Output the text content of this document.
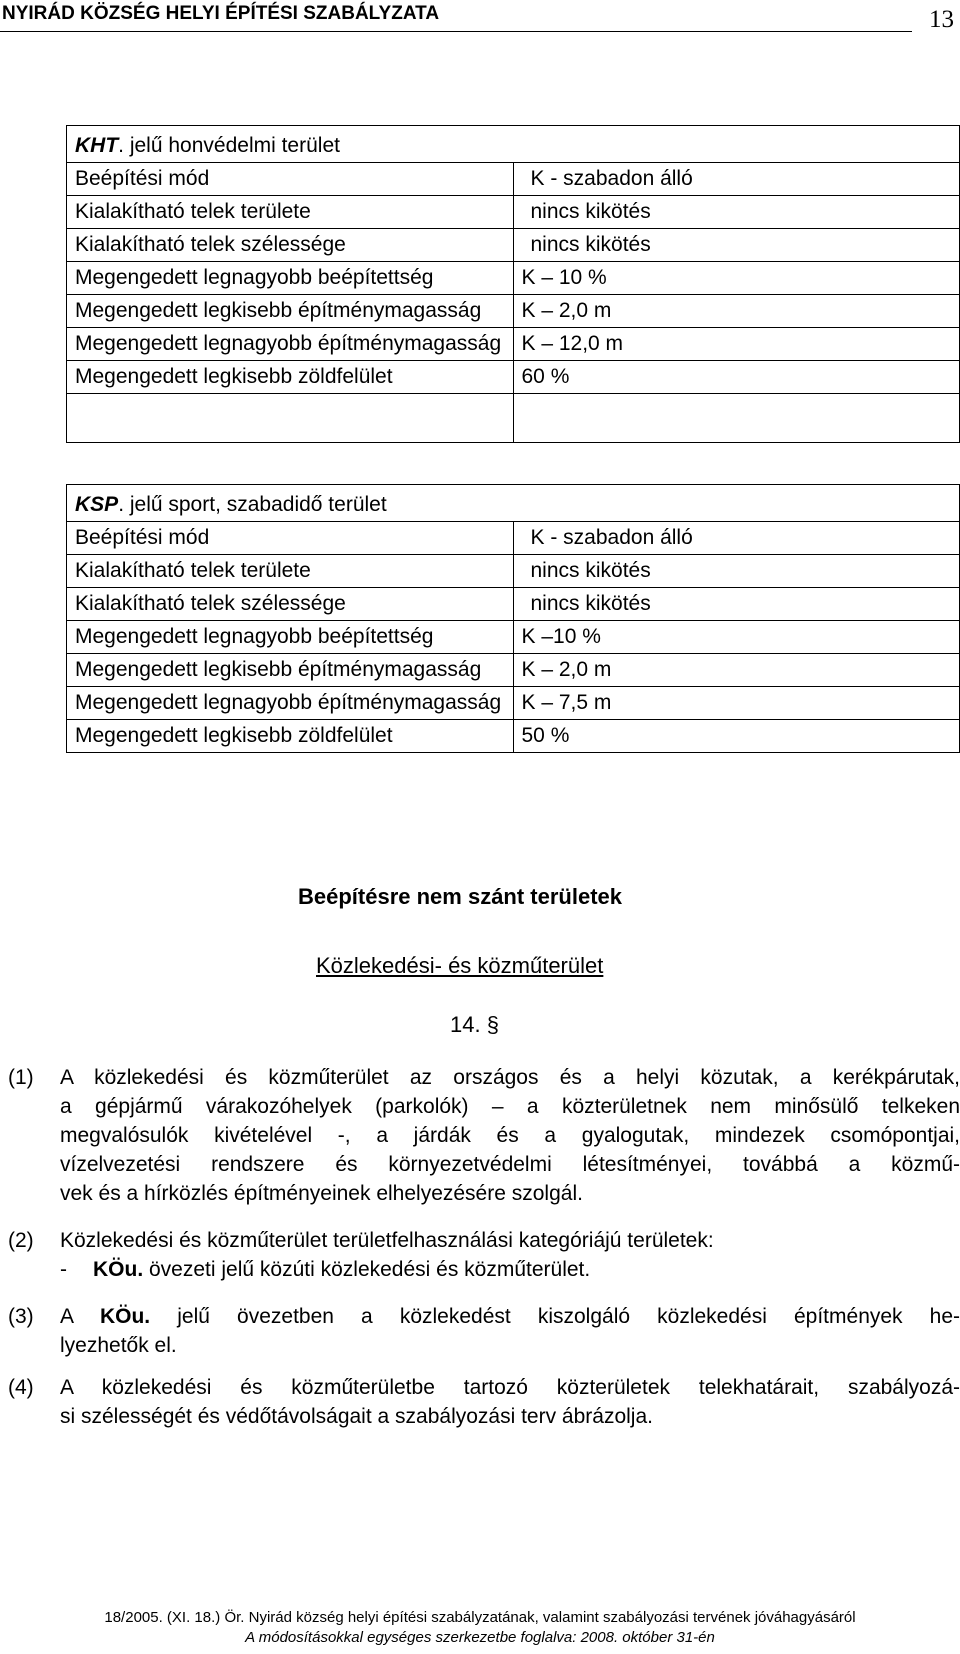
NYIRÁD KÖZSÉG HELYI ÉPÍTÉSI SZABÁLYZATA	13
KHT. jelű honvédelmi terület	
Beépítési mód	K - szabadon álló
Kialakítható telek területe	nincs kikötés
Kialakítható telek szélessége	nincs kikötés
Megengedett legnagyobb beépítettség	K – 10 %
Megengedett legkisebb építménymagasság	K – 2,0 m
Megengedett legnagyobb építménymagasság	K – 12,0 m
Megengedett legkisebb zöldfelület	60 %

KSP. jelű sport, szabadidő terület	
Beépítési mód	K - szabadon álló
Kialakítható telek területe	nincs kikötés
Kialakítható telek szélessége	nincs kikötés
Megengedett legnagyobb beépítettség	K –10 %
Megengedett legkisebb építménymagasság	K – 2,0 m
Megengedett legnagyobb építménymagasság	K – 7,5 m
Megengedett legkisebb zöldfelület	50 %
Beépítésre nem szánt területek
Közlekedési- és közműterület
14. §
(1) A közlekedési és közműterület az országos és a helyi közutak, a kerékpárutak,
a gépjármű várakozóhelyek (parkolók) – a közterületnek nem minősülő telkeken
megvalósulók kivételével -, a járdák és a gyalogutak, mindezek csomópontjai,
vízelvezetési rendszere és környezetvédelmi létesítményei, továbbá a közmű-
vek és a hírközlés építményeinek elhelyezésére szolgál.
(2) Közlekedési és közműterület területfelhasználási kategóriájú területek:
- KÖu. övezeti jelű közúti közlekedési és közműterület.
(3) A KÖu. jelű övezetben a közlekedést kiszolgáló közlekedési építmények he-
lyezhetők el.
(4) A közlekedési és közműterületbe tartozó közterületek telekhatárait, szabályozá-
si szélességét és védőtávolságait a szabályozási terv ábrázolja.
18/2005. (XI. 18.) Ör. Nyirád község helyi építési szabályzatának, valamint szabályozási tervének jóváhagyásáról
A módosításokkal egységes szerkezetbe foglalva: 2008. október 31-én
